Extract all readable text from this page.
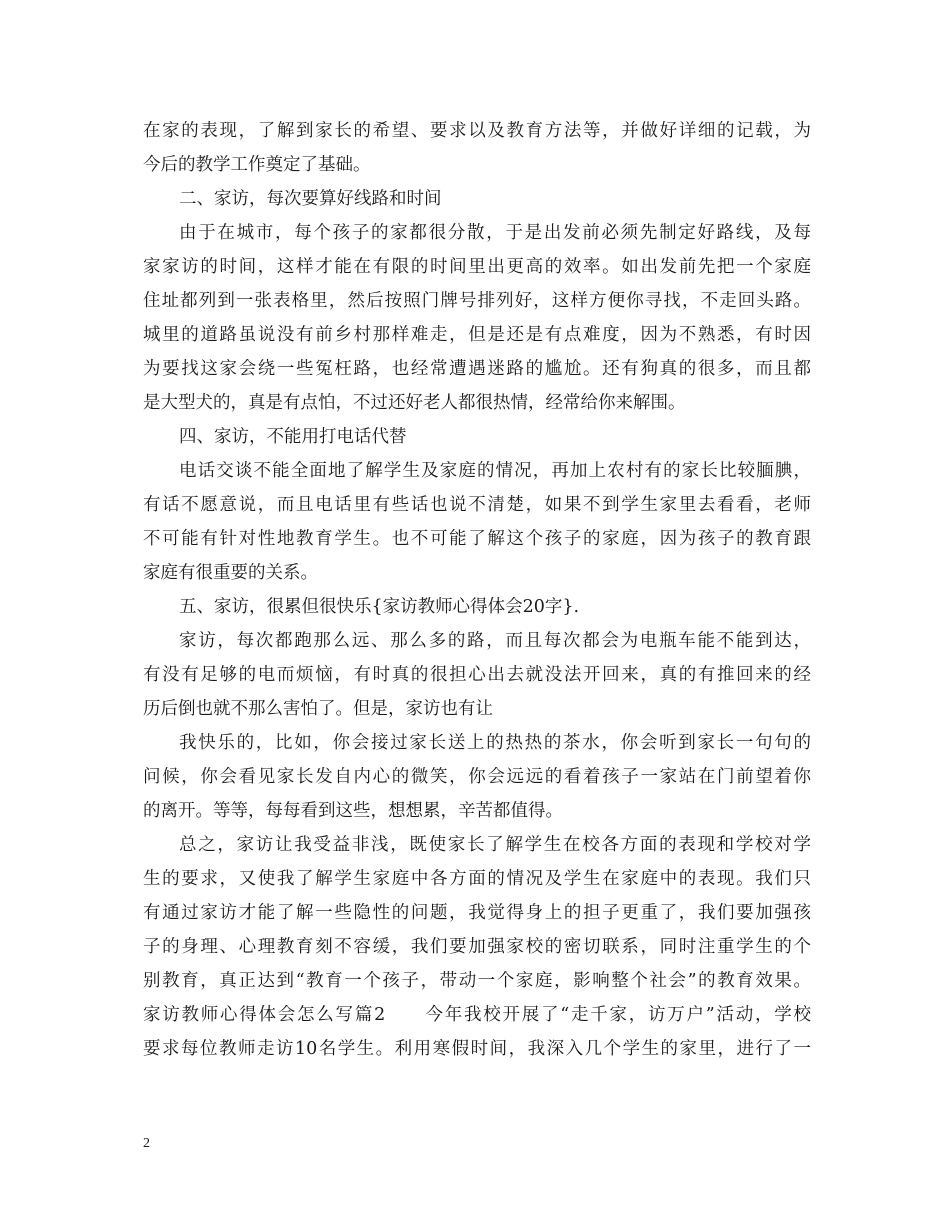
在家的表现，了解到家长的希望、要求以及教育方法等，并做好详细的记载，为
今后的教学工作奠定了基础。
二、家访，每次要算好线路和时间
由于在城市，每个孩子的家都很分散，于是出发前必须先制定好路线，及每
家家访的时间，这样才能在有限的时间里出更高的效率。如出发前先把一个家庭
住址都列到一张表格里，然后按照门牌号排列好，这样方便你寻找，不走回头路。
城里的道路虽说没有前乡村那样难走，但是还是有点难度，因为不熟悉，有时因
为要找这家会绕一些冤枉路，也经常遭遇迷路的尴尬。还有狗真的很多，而且都
是大型犬的，真是有点怕，不过还好老人都很热情，经常给你来解围。
四、家访，不能用打电话代替
电话交谈不能全面地了解学生及家庭的情况，再加上农村有的家长比较腼腆，
有话不愿意说，而且电话里有些话也说不清楚，如果不到学生家里去看看，老师
不可能有针对性地教育学生。也不可能了解这个孩子的家庭，因为孩子的教育跟
家庭有很重要的关系。
五、家访，很累但很快乐{家访教师心得体会20字}.
家访，每次都跑那么远、那么多的路，而且每次都会为电瓶车能不能到达，
有没有足够的电而烦恼，有时真的很担心出去就没法开回来，真的有推回来的经
历后倒也就不那么害怕了。但是，家访也有让
我快乐的，比如，你会接过家长送上的热热的茶水，你会听到家长一句句的
问候，你会看见家长发自内心的微笑，你会远远的看着孩子一家站在门前望着你
的离开。等等，每每看到这些，想想累，辛苦都值得。
总之，家访让我受益非浅，既使家长了解学生在校各方面的表现和学校对学
生的要求，又使我了解学生家庭中各方面的情况及学生在家庭中的表现。我们只
有通过家访才能了解一些隐性的问题，我觉得身上的担子更重了，我们要加强孩
子的身理、心理教育刻不容缓，我们要加强家校的密切联系，同时注重学生的个
别教育，真正达到“教育一个孩子，带动一个家庭，影响整个社会”的教育效果。
家访教师心得体会怎么写篇2　　今年我校开展了“走千家，访万户”活动，学校
要求每位教师走访10名学生。利用寒假时间，我深入几个学生的家里，进行了一
2
